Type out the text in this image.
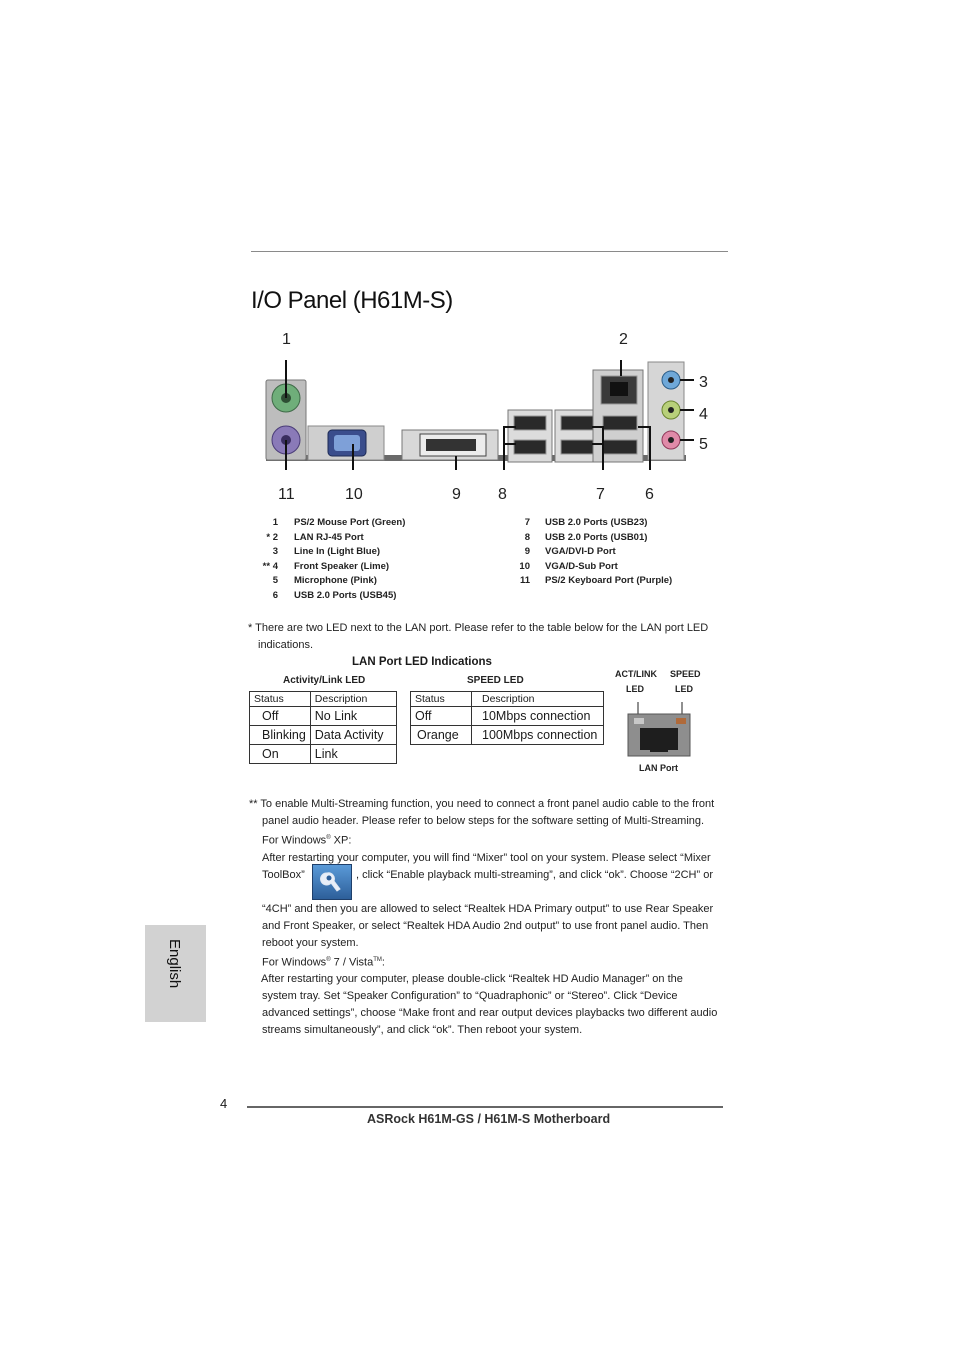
I/O Panel (H61M-S)
1	2
3
4
5
11	10	9 8	7	6
1 PS/2 Mouse Port (Green)
* 2 LAN RJ-45 Port
3 Line In (Light Blue)
** 4 Front Speaker (Lime)
5 Microphone (Pink)
6 USB 2.0 Ports (USB45)
7 USB 2.0 Ports (USB23)
8 USB 2.0 Ports (USB01)
9 VGA/DVI-D Port
10 VGA/D-Sub Port
11 PS/2 Keyboard Port (Purple)

* There are two LED next to the LAN port. Please refer to the table below for the LAN port LED

indications.

LAN Port LED Indications
Activity/Link LED
Status	Description
Off	No Link
Blinking	Data Activity
On	Link
SPEED LED
Status	Description
Off	10Mbps connection
Orange	100Mbps connection
ACT/LINK
LED
SPEED
LED
LAN Port

** To enable Multi-Streaming function, you need to connect a front panel audio cable to the front

panel audio header. Please refer to below steps for the software setting of Multi-Streaming.

For Windows® XP:

After restarting your computer, you will find “Mixer” tool on your system. Please select “Mixer

ToolBox”	, click “Enable playback multi-streaming”, and click “ok”. Choose “2CH” or

“4CH” and then you are allowed to select “Realtek HDA Primary output” to use Rear Speaker

and Front Speaker, or select “Realtek HDA Audio 2nd output” to use front panel audio. Then

reboot your system.

For Windows® 7 / Vista™:

After restarting your computer, please double-click “Realtek HD Audio Manager” on the

system tray. Set “Speaker Configuration” to “Quadraphonic” or “Stereo”. Click “Device

advanced settings”, choose “Make front and rear output devices playbacks two different audio

streams simultaneously”, and click “ok”. Then reboot your system.

English
4
ASRock H61M-GS / H61M-S Motherboard
